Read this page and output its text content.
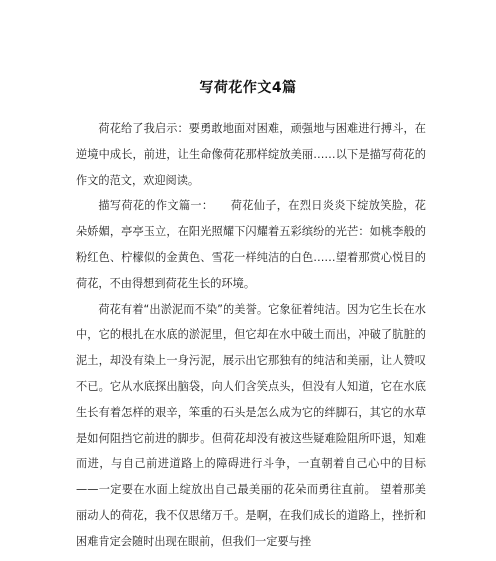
写荷花作文4篇

荷花给了我启示：要勇敢地面对困难，顽强地与困难进行搏斗，在逆境中成长，前进，让生命像荷花那样绽放美丽……以下是描写荷花的作文的范文，欢迎阅读。

描写荷花的作文篇一：　　荷花仙子，在烈日炎炎下绽放笑脸，花朵娇媚，亭亭玉立，在阳光照耀下闪耀着五彩缤纷的光芒：如桃李般的粉红色、柠檬似的金黄色、雪花一样纯洁的白色……望着那赏心悦目的荷花，不由得想到荷花生长的环境。

荷花有着“出淤泥而不染”的美誉。它象征着纯洁。因为它生长在水中，它的根扎在水底的淤泥里，但它却在水中破土而出，冲破了肮脏的泥土，却没有染上一身污泥，展示出它那独有的纯洁和美丽，让人赞叹不已。它从水底探出脑袋，向人们含笑点头，但没有人知道，它在水底生长有着怎样的艰辛，笨重的石头是怎么成为它的绊脚石，其它的水草是如何阻挡它前进的脚步。但荷花却没有被这些疑难险阻所吓退，知难而进，与自己前进道路上的障碍进行斗争，一直朝着自己心中的目标——一定要在水面上绽放出自己最美丽的花朵而勇往直前。 望着那美丽动人的荷花，我不仅思绪万千。是啊，在我们成长的道路上，挫折和困难肯定会随时出现在眼前，但我们一定要与挫
